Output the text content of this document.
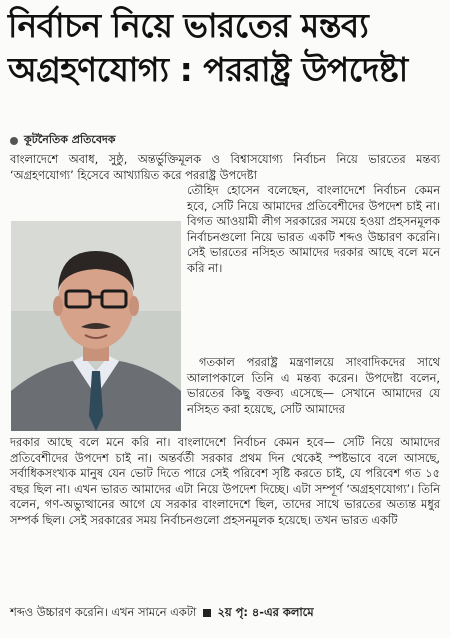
নির্বাচন নিয়ে ভারতের মন্তব্য
অগ্রহণযোগ্য : পররাষ্ট্র উপদেষ্টা
কূটনৈতিক প্রতিবেদক
বাংলাদেশে অবাধ, সুষ্ঠু, অন্তর্ভুক্তিমূলক ও বিশ্বাসযোগ্য নির্বাচন নিয়ে ভারতের মন্তব্য ‘অগ্রহণযোগ্য’ হিসেবে আখ্যায়িত করে পররাষ্ট্র উপদেষ্টা
তৌহিদ হোসেন বলেছেন, বাংলাদেশে নির্বাচন কেমন হবে, সেটি নিয়ে আমাদের প্রতিবেশীদের উপদেশ চাই না। বিগত আওয়ামী লীগ সরকারের সময়ে হওয়া প্রহসনমূলক নির্বাচনগুলো নিয়ে ভারত একটি শব্দও উচ্চারণ করেনি। সেই ভারতের নসিহত আমাদের দরকার আছে বলে মনে করি না।
গতকাল পররাষ্ট্র মন্ত্রণালয়ে সাংবাদিকদের সাথে আলাপকালে তিনি এ মন্তব্য করেন। উপদেষ্টা বলেন, ভারতের কিছু বক্তব্য এসেছে— সেখানে আমাদের যে নসিহত করা হয়েছে, সেটি আমাদের
দরকার আছে বলে মনে করি না। বাংলাদেশে নির্বাচন কেমন হবে— সেটি নিয়ে আমাদের প্রতিবেশীদের উপদেশ চাই না। অন্তর্বর্তী সরকার প্রথম দিন থেকেই স্পষ্টভাবে বলে আসছে, সর্বাধিকসংখ্যক মানুষ যেন ভোট দিতে পারে সেই পরিবেশ সৃষ্টি করতে চাই, যে পরিবেশ গত ১৫ বছর ছিল না। এখন ভারত আমাদের এটা নিয়ে উপদেশ দিচ্ছে। এটা সম্পূর্ণ ‘অগ্রহণযোগ্য’। তিনি বলেন, গণ-অভ্যুত্থানের আগে যে সরকার বাংলাদেশে ছিল, তাদের সাথে ভারতের অত্যন্ত মধুর সম্পর্ক ছিল। সেই সরকারের সময় নির্বাচনগুলো প্রহসনমূলক হয়েছে। তখন ভারত একটি
শব্দও উচ্চারণ করেনি। এখন সামনে একটা ২য় পৃ: ৪-এর কলামে
